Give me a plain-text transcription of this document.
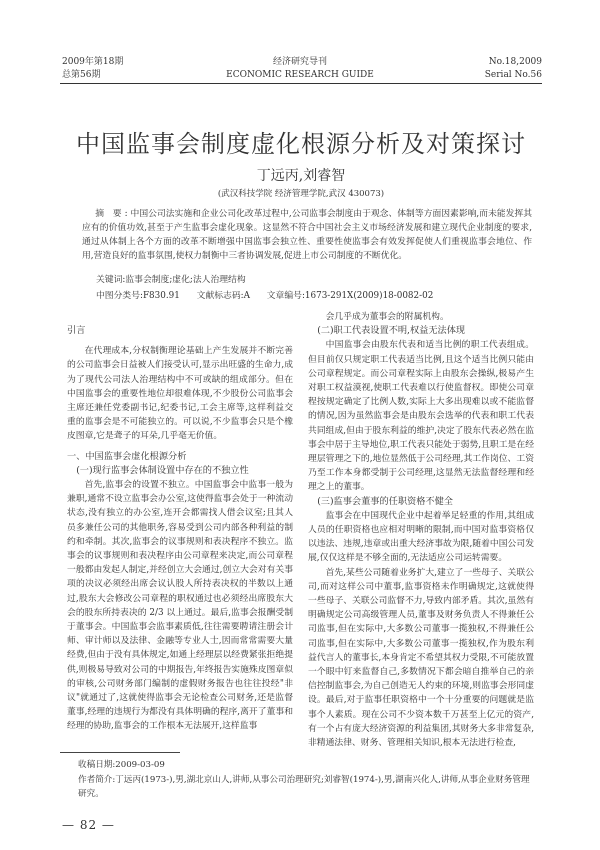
2009年第18期
总第56期
经济研究导刊
ECONOMIC RESEARCH GUIDE
No.18,2009
Serial No.56
中国监事会制度虚化根源分析及对策探讨
丁远丙,刘睿智
(武汉科技学院 经济管理学院,武汉 430073)
摘 要:中国公司法实施和企业公司化改革过程中,公司监事会制度由于观念、体制等方面因素影响,而未能发挥其应有的价值功效,甚至于产生监事会虚化现象。这显然不符合中国社会主义市场经济发展和建立现代企业制度的要求,通过从体制上各个方面的改革不断增强中国监事会独立性、重要性使监事会有效发挥促使人们重视监事会地位、作用,营造良好的监事氛围,使权力制衡中三者协调发展,促进上市公司制度的不断优化。
关键词:监事会制度;虚化;法人治理结构
中图分类号:F830.91 文献标志码:A 文章编号:1673-291X(2009)18-0082-02
引言

在代理成本,分权制衡理论基础上产生发展并不断完善的公司监事会日益被人们接受认可,显示出旺盛的生命力,成为了现代公司法人治理结构中不可或缺的组成部分。但在中国监事会的重要性地位却很难体现,不少股份公司监事会主席还兼任党委副书记,纪委书记,工会主席等,这样利益交重的监事会是不可能独立的。可以说,不少监事会只是个橡皮图章,它是聋子的耳朵,几乎毫无价值。

一、中国监事会虚化根源分析
(一)现行监事会体制设置中存在的不独立性

首先,监事会的设置不独立。中国监事会中监事一般为兼职,通常不设立监事会办公室,这使得监事会处于一种流动状态,没有独立的办公室,连开会都需找人借会议室;且其人员多兼任公司的其他职务,容易受到公司内部各种利益的制约和牵制。其次,监事会的议事规则和表决程序不独立。监事会的议事规则和表决程序由公司章程来决定,而公司章程一般都由发起人制定,并经创立大会通过,创立大会对有关事项的决议必须经出席会议认股人所持表决权的半数以上通过,股东大会修改公司章程的职权通过也必须经出席股东大会的股东所持表决的 2/3 以上通过。最后,监事会报酬受制于董事会。中国监事会监事素质低,往往需要聘请注册会计师、审计师以及法律、金融等专业人士,因而常常需要大量经费,但由于没有具体规定,如通上经理层以经费紧张拒绝提供,则极易导致对公司的中期报告,年终报告实施殊皮图章似的审核,公司财务部门编制的虚假财务报告也往往投经"非议"就通过了,这就使得监事会无论检查公司财务,还是监督董事,经理的违规行为都没有具体明确的程序,离开了董事和经理的协助,监事会的工作根本无法展开,这样监事

会几乎成为董事会的附属机构。

(二)职工代表设置不明,权益无法体现

中国监事会由股东代表和适当比例的职工代表组成。但目前仅只规定职工代表适当比例,且这个适当比例只能由公司章程规定。而公司章程实际上由股东会操纵,极易产生对职工权益漠视,使职工代表难以行使监督权。即使公司章程按规定确定了比例人数,实际上大多出现难以或不能监督的情况,因为虽然监事会是由股东会选举的代表和职工代表共同组成,但由于股东利益的维护,决定了股东代表必然在监事会中居于主导地位,职工代表只能处于弱势,且职工是在经理层管理之下的,地位显然低于公司经理,其工作岗位、工资乃至工作本身都受制于公司经理,这显然无法监督经理和经理之上的董事。

(三)监事会董事的任职资格不健全

监事会在中国现代企业中起着举足轻重的作用,其组成人员的任职资格也应相对明晰的限制,而中国对监事资格仅以违法、违规,违章或出重大经济事故为限,随着中国公司发展,仅仅这样是不够全面的,无法适应公司运转需要。

首先,某些公司随着业务扩大,建立了一些母子、关联公司,而对这样公司中董事,监事资格未作明确规定,这就使得一些母子、关联公司监督不力,导致内部矛盾。其次,虽然有明确规定公司高级管理人员,董事及财务负责人不得兼任公司监事,但在实际中,大多数公司董事一揽独权,不得兼任公司监事,但在实际中,大多数公司董事一揽独权,作为股东利益代言人的董事长,本身肯定不希望其权力受限,不可能放置一个眼中钉来监督自己,多数情况下都会暗自推举自己的亲信控制监事会,为自己创造无人约束的环境,则监事会形同虚设。最后,对于监事任职资格中一个十分重要的问题就是监事个人素质。现在公司不少资本数千万甚至上亿元的资产,有一个占有庞大经济资源的利益集团,其财务大多非常复杂,非精通法律、财务、管理相关知识,根本无法进行检查,

收稿日期:2009-03-09
作者简介:丁远丙(1973-),男,湖北京山人,讲师,从事公司治理研究;刘睿智(1974-),男,湖南兴化人,讲师,从事企业财务管理研究。
— 82 —
